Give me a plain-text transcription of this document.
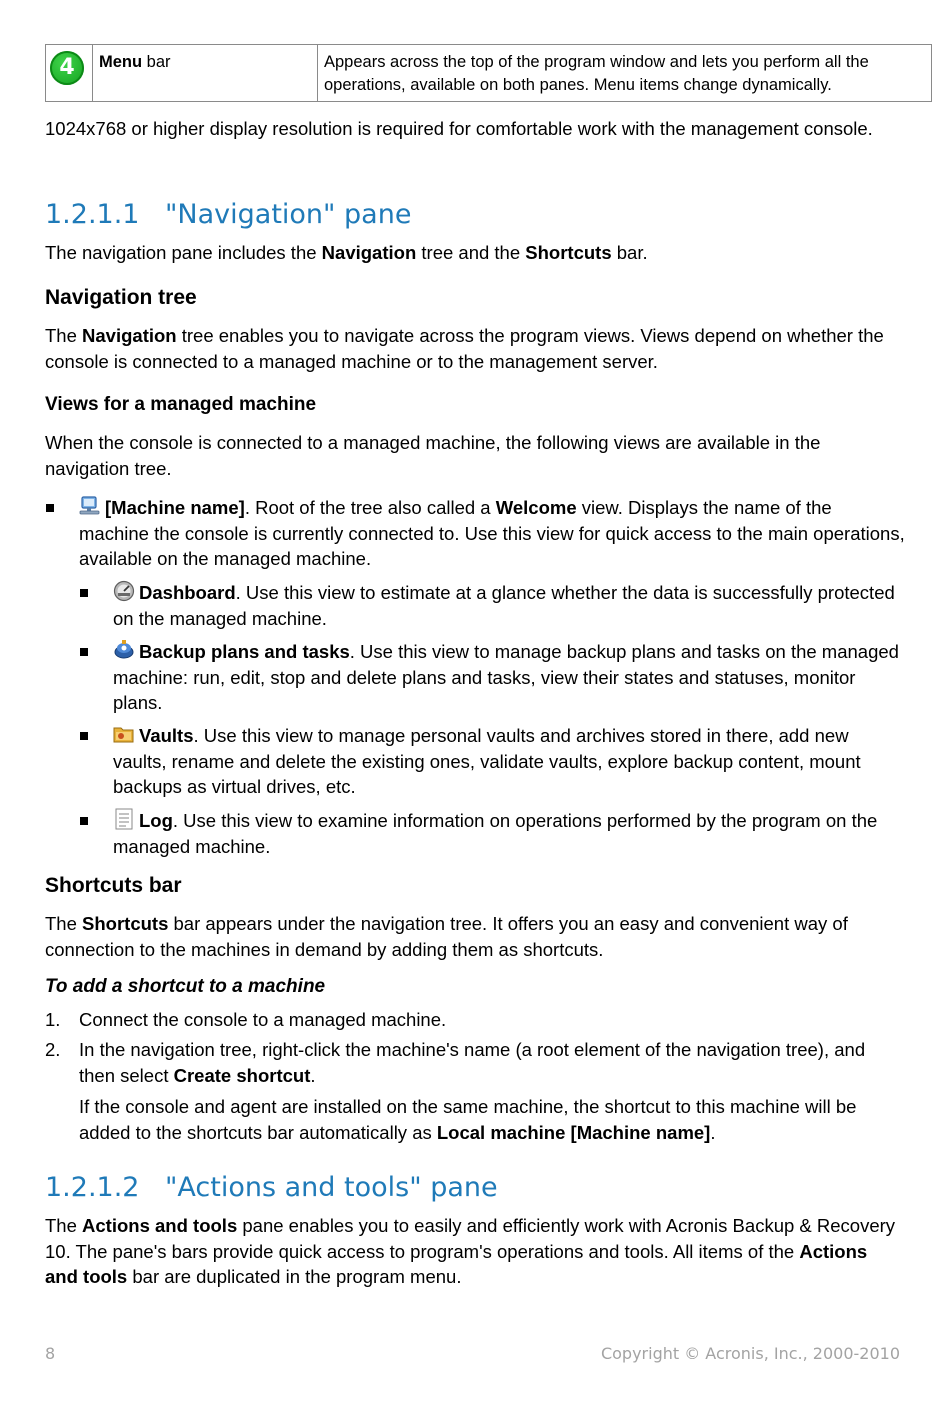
4	Menu bar	Appears across the top of the program window and lets you perform all the operations, available on both panes. Menu items change dynamically.

1024x768 or higher display resolution is required for comfortable work with the management console.

1.2.1.1 "Navigation" pane

The navigation pane includes the Navigation tree and the Shortcuts bar.

Navigation tree

The Navigation tree enables you to navigate across the program views. Views depend on whether the console is connected to a managed machine or to the management server.

Views for a managed machine

When the console is connected to a managed machine, the following views are available in the navigation tree.

[Machine name]. Root of the tree also called a Welcome view. Displays the name of the machine the console is currently connected to. Use this view for quick access to the main operations, available on the managed machine.
Dashboard. Use this view to estimate at a glance whether the data is successfully protected on the managed machine.
Backup plans and tasks. Use this view to manage backup plans and tasks on the managed machine: run, edit, stop and delete plans and tasks, view their states and statuses, monitor plans.
Vaults. Use this view to manage personal vaults and archives stored in there, add new vaults, rename and delete the existing ones, validate vaults, explore backup content, mount backups as virtual drives, etc.
Log. Use this view to examine information on operations performed by the program on the managed machine.
Shortcuts bar

The Shortcuts bar appears under the navigation tree. It offers you an easy and convenient way of connection to the machines in demand by adding them as shortcuts.

To add a shortcut to a machine
1. Connect the console to a managed machine.
2. In the navigation tree, right-click the machine's name (a root element of the navigation tree), and then select Create shortcut.
If the console and agent are installed on the same machine, the shortcut to this machine will be added to the shortcuts bar automatically as Local machine [Machine name].
1.2.1.2 "Actions and tools" pane

The Actions and tools pane enables you to easily and efficiently work with Acronis Backup & Recovery 10. The pane's bars provide quick access to program's operations and tools. All items of the Actions and tools bar are duplicated in the program menu.

8	Copyright © Acronis, Inc., 2000-2010
